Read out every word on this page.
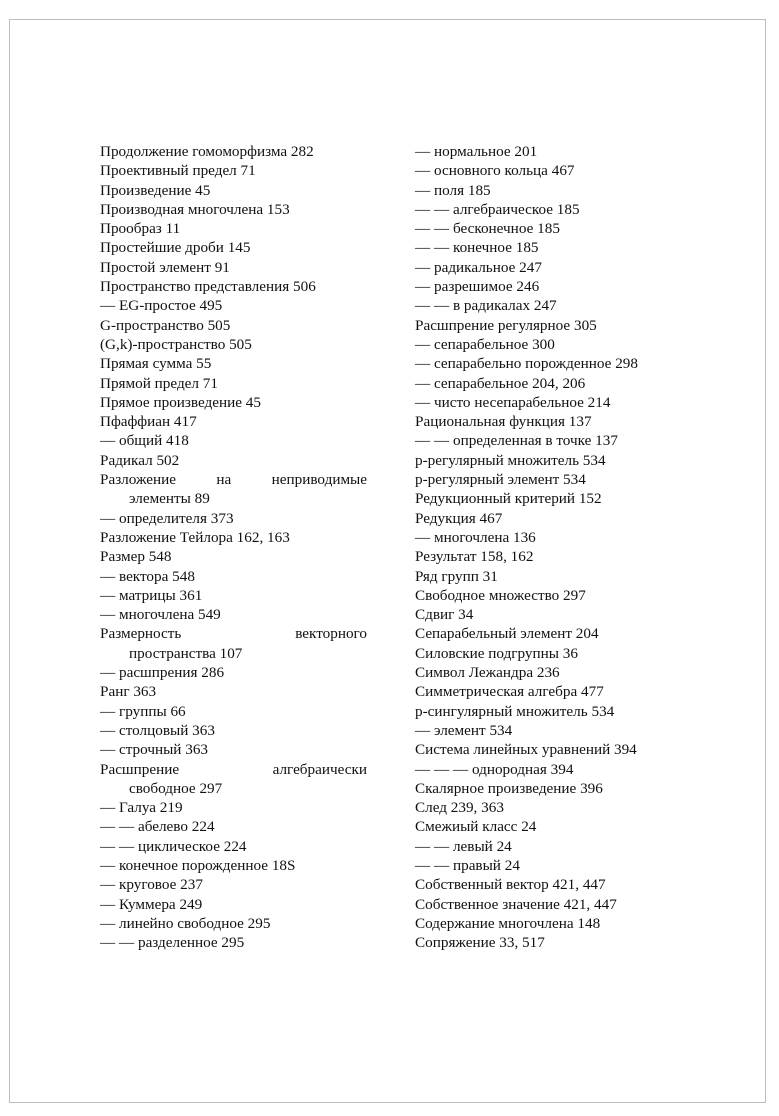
Продолжение гомоморфизма 282
Проективный предел 71
Произведение 45
Производная многочлена 153
Прообраз 11
Простейшие дроби 145
Простой элемент 91
Пространство представления 506
— EG-простое 495
G-пространство 505
(G,k)-пространство 505
Прямая сумма 55
Прямой предел 71
Прямое произведение 45
Пфаффиан 417
— общий 418
Радикал 502
Разложение на неприводимые
элементы 89
— определителя 373
Разложение Тейлора 162, 163
Размер 548
— вектора 548
— матрицы 361
— многочлена 549
Размерность векторного
пространства 107
— расшпрения 286
Ранг 363
— группы 66
— столцовый 363
— строчный 363
Расшпрение алгебраически
свободное 297
— Галуа 219
— — абелево 224
— — циклическое 224
— конечное порожденное 18S
— круговое 237
— Куммера 249
— линейно свободное 295
— — разделенное 295
— нормальное 201
— основного кольца 467
— поля 185
— — алгебраическое 185
— — бесконечное 185
— — конечное 185
— радикальное 247
— разрешимое 246
— — в радикалах 247
Расшпрение регулярное 305
— сепарабельное 300
— сепарабельно порожденное 298
— сепарабельное 204, 206
— чисто несепарабельное 214
Рациональная функция 137
— — определенная в точке 137
p-регулярный множитель 534
p-регулярный элемент 534
Редукционный критерий 152
Редукция 467
— многочлена 136
Результат 158, 162
Ряд групп 31
Свободное множество 297
Сдвиг 34
Сепарабельный элемент 204
Силовские подгрупны 36
Символ Лежандра 236
Симметрическая алгебра 477
p-сингулярный множитель 534
— элемент 534
Система линейных уравнений 394
— — — однородная 394
Скалярное произведение 396
След 239, 363
Смежиый класс 24
— — левый 24
— — правый 24
Собственный вектор 421, 447
Собственное значение 421, 447
Содержание многочлена 148
Сопряжение 33, 517
